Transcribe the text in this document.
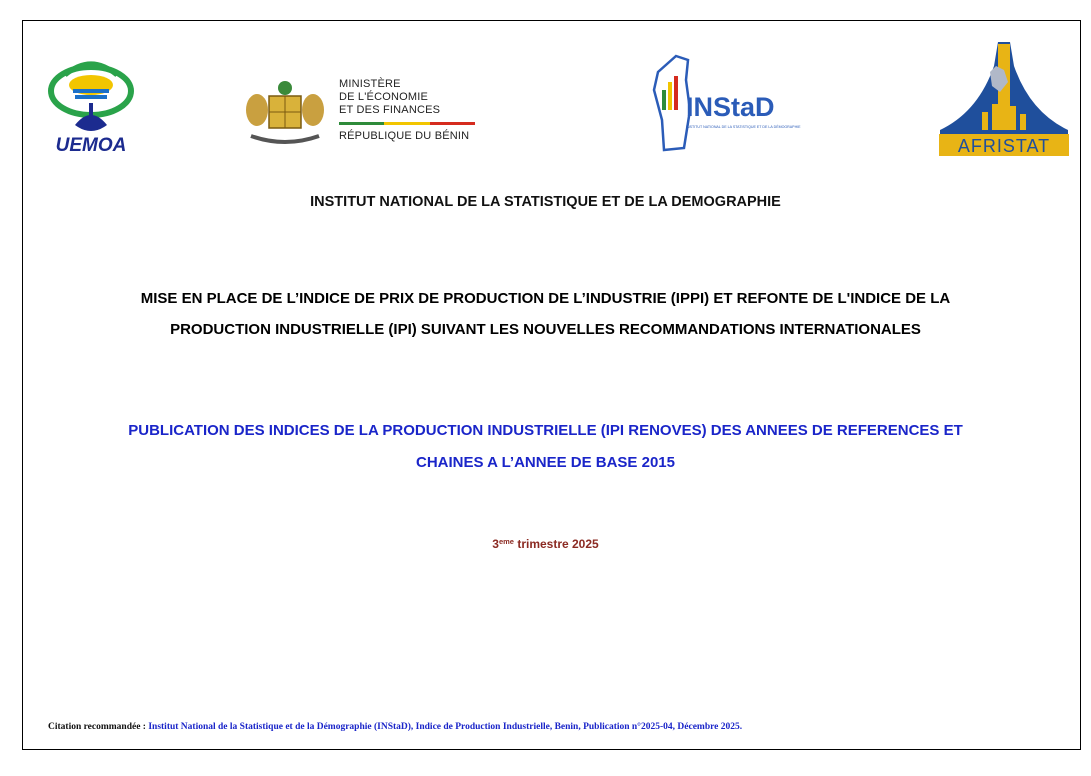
UEMOA
MINISTÈRE
DE L'ÉCONOMIE
ET DES FINANCES
RÉPUBLIQUE DU BÉNIN
INStaD
INSTITUT NATIONAL DE LA STATISTIQUE ET DE LA DÉMOGRAPHIE
AFRISTAT
INSTITUT NATIONAL DE LA STATISTIQUE ET DE LA DEMOGRAPHIE
MISE EN PLACE DE L’INDICE DE PRIX DE PRODUCTION DE L’INDUSTRIE (IPPI) ET REFONTE DE L'INDICE DE LA
PRODUCTION INDUSTRIELLE (IPI) SUIVANT LES NOUVELLES RECOMMANDATIONS INTERNATIONALES
PUBLICATION DES INDICES DE LA PRODUCTION INDUSTRIELLE (IPI RENOVES) DES ANNEES DE REFERENCES ET
CHAINES A L’ANNEE DE BASE 2015
3eme trimestre 2025
Citation recommandée : Institut National de la Statistique et de la Démographie (INStaD), Indice de Production Industrielle, Benin, Publication n°2025-04, Décembre 2025.
